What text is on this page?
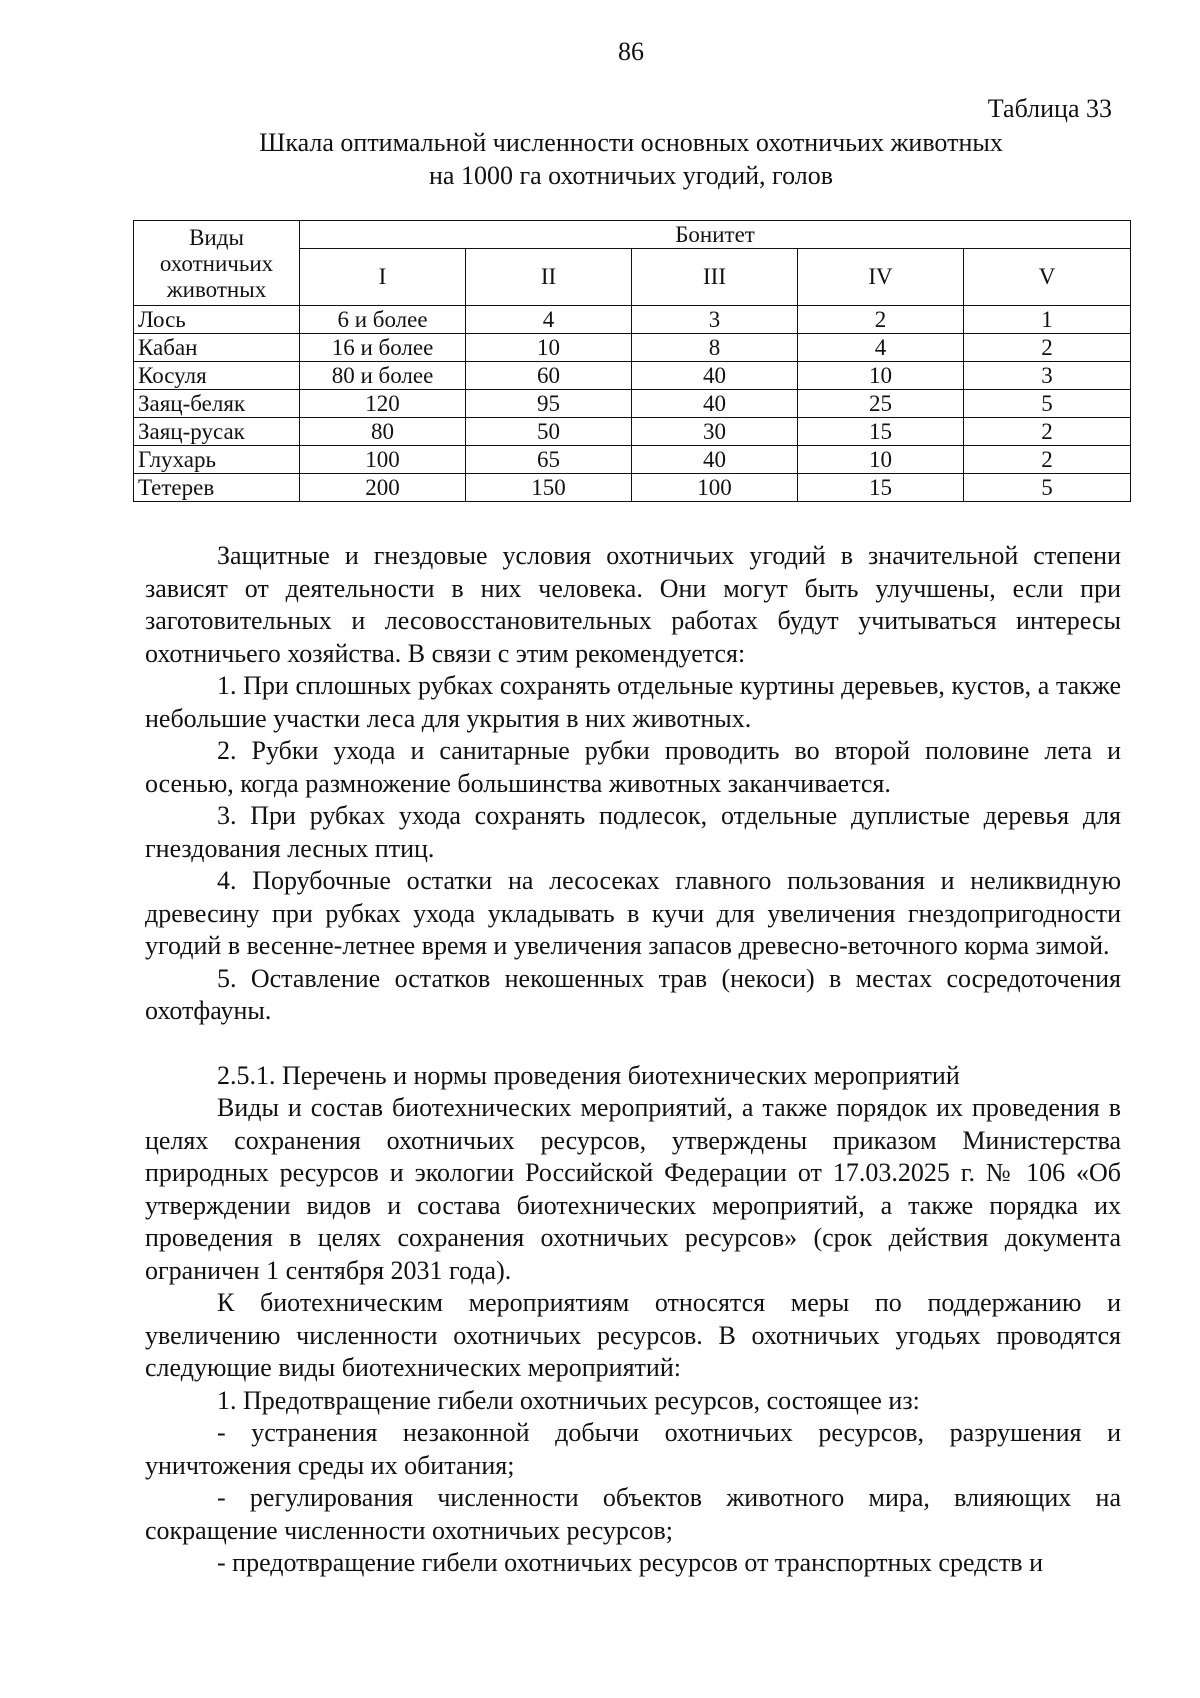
86
Таблица 33
Шкала оптимальной численности основных охотничьих животных
на 1000 га охотничьих угодий, голов
Виды
охотничьих
животных	Бонитет				
	I	II	III	IV	V
Лось	6 и более	4	3	2	1
Кабан	16 и более	10	8	4	2
Косуля	80 и более	60	40	10	3
Заяц-беляк	120	95	40	25	5
Заяц-русак	80	50	30	15	2
Глухарь	100	65	40	10	2
Тетерев	200	150	100	15	5

Защитные и гнездовые условия охотничьих угодий в значительной степени зависят от деятельности в них человека. Они могут быть улучшены, если при заготовительных и лесовосстановительных работах будут учитываться интересы охотничьего хозяйства. В связи с этим рекомендуется:

1. При сплошных рубках сохранять отдельные куртины деревьев, кустов, а также небольшие участки леса для укрытия в них животных.

2. Рубки ухода и санитарные рубки проводить во второй половине лета и осенью, когда размножение большинства животных заканчивается.

3. При рубках ухода сохранять подлесок, отдельные дуплистые деревья для гнездования лесных птиц.

4. Порубочные остатки на лесосеках главного пользования и неликвидную древесину при рубках ухода укладывать в кучи для увеличения гнездопригодности угодий в весенне-летнее время и увеличения запасов древесно-веточного корма зимой.

5. Оставление остатков некошенных трав (некоси) в местах сосредоточения охотфауны.

2.5.1. Перечень и нормы проведения биотехнических мероприятий

Виды и состав биотехнических мероприятий, а также порядок их проведения в целях сохранения охотничьих ресурсов, утверждены приказом Министерства природных ресурсов и экологии Российской Федерации от 17.03.2025 г. № 106 «Об утверждении видов и состава биотехнических мероприятий, а также порядка их проведения в целях сохранения охотничьих ресурсов» (срок действия документа ограничен 1 сентября 2031 года).

К биотехническим мероприятиям относятся меры по поддержанию и увеличению численности охотничьих ресурсов. В охотничьих угодьях проводятся следующие виды биотехнических мероприятий:

1. Предотвращение гибели охотничьих ресурсов, состоящее из:

- устранения незаконной добычи охотничьих ресурсов, разрушения и уничтожения среды их обитания;

- регулирования численности объектов животного мира, влияющих на сокращение численности охотничьих ресурсов;

- предотвращение гибели охотничьих ресурсов от транспортных средств и
